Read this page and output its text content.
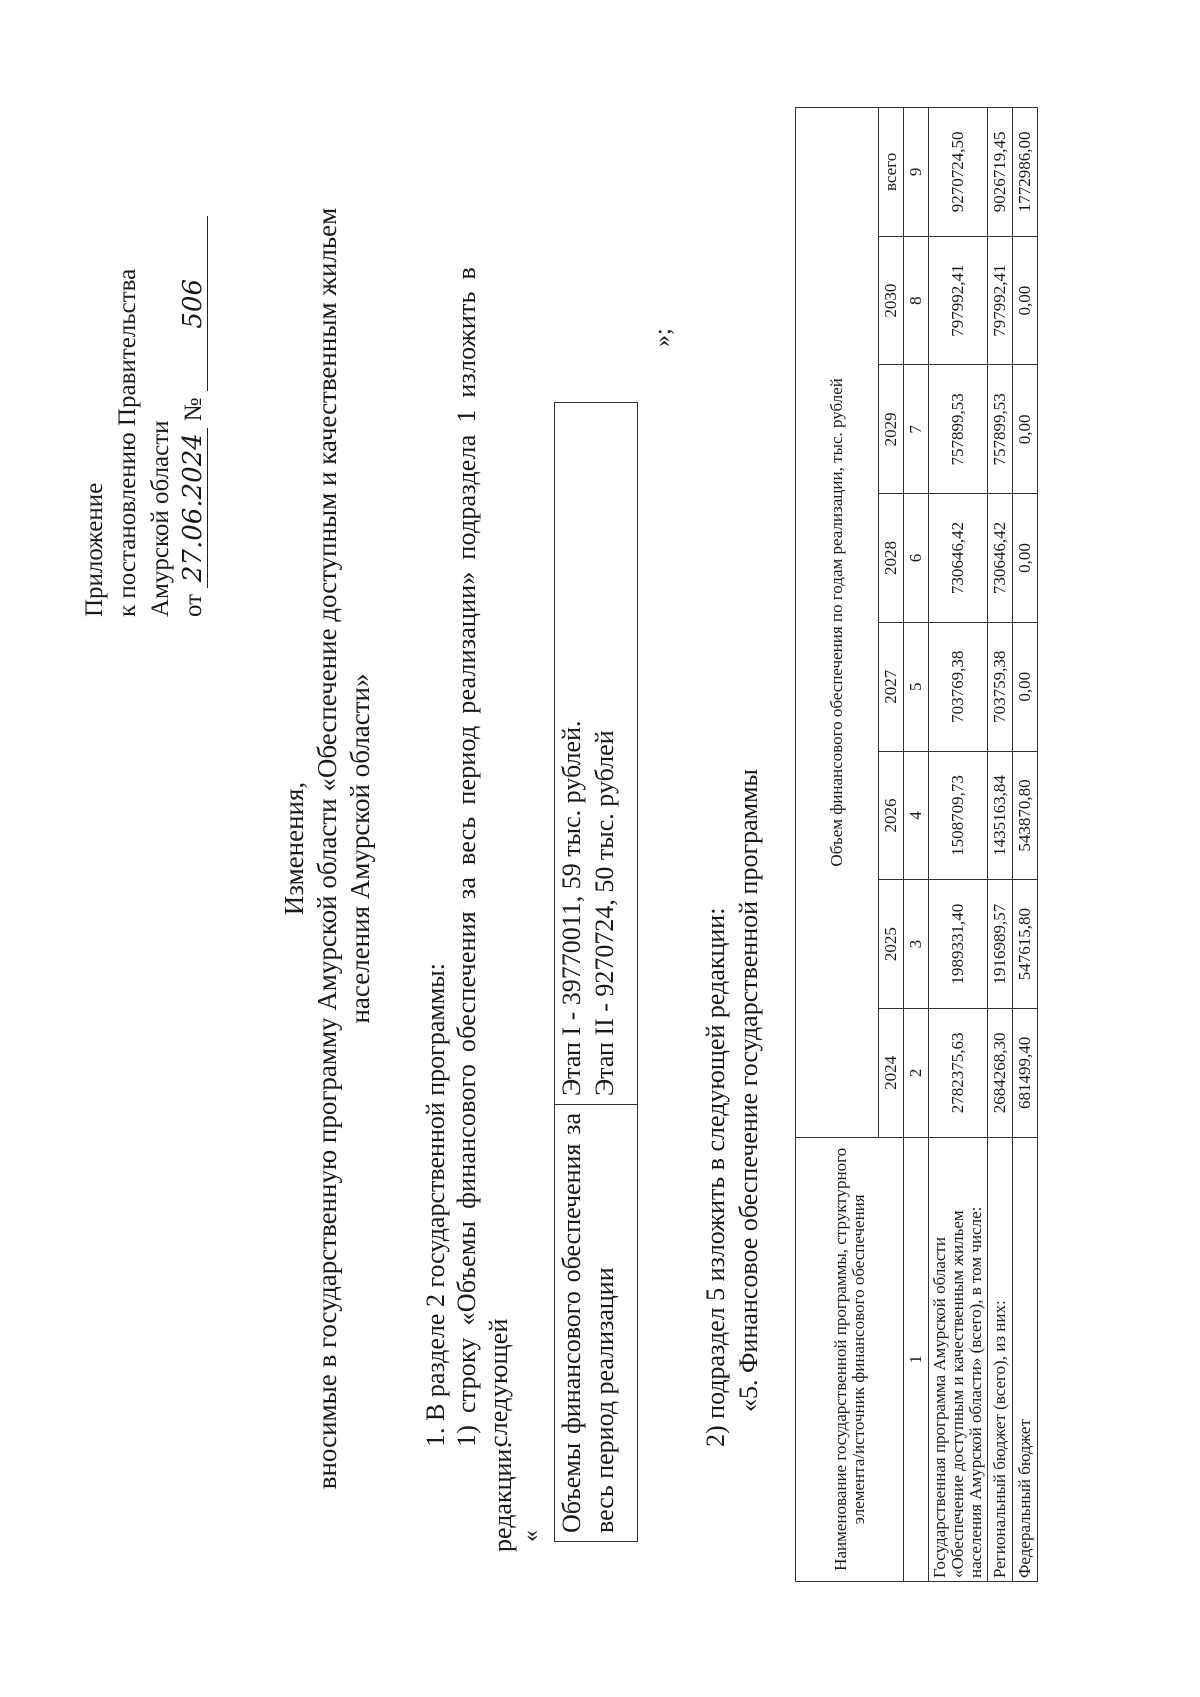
Приложение к постановлению Правительства Амурской области от 27.06.2024 № 506
Изменения, вносимые в государственную программу Амурской области «Обеспечение доступным и качественным жильем населения Амурской области»
1. В разделе 2 государственной программы: 1) строку «Объемы финансового обеспечения за весь период реализации» подраздела 1 изложить в следующей
редакции: «
Объемы финансового обеспечения за весь период реализации

Этап I - 39770011, 59 тыс. рублей. Этап II - 9270724, 50 тыс. рублей
»;
2) подраздел 5 изложить в следующей редакции: «5. Финансовое обеспечение государственной программы	Наименование государственной программы, структурного элемента/источник финансового обеспечения	Объем финансового обеспечения по годам реализации, тыс. рублей							
	2024	2025	2026	2027	2028	2029	2030	всего
1	2	3	4	5	6	7	8	9
Государственная программа Амурской области «Обеспечение доступным и качественным жильем населения Амурской области» (всего), в том числе:	2782375,63	1989331,40	1508709,73	703769,38	730646,42	757899,53	797992,41	9270724,50
Региональный бюджет (всего), из них:	2684268,30	1916989,57	1435163,84	703759,38	730646,42	757899,53	797992,41	9026719,45
Федеральный бюджет	681499,40	547615,80	543870,80	0,00	0,00	0,00	0,00	1772986,00
